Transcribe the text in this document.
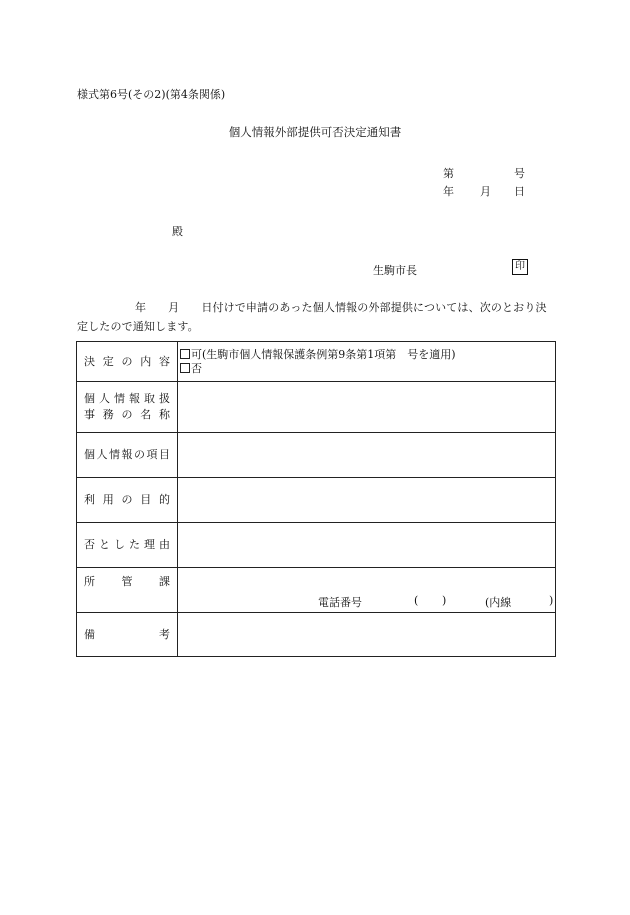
様式第6号(その2)(第4条関係)
個人情報外部提供可否決定通知書
第	号
年 月 日
殿
生駒市長	印
年 月 日付けで申請のあった個人情報の外部提供については、次のとおり決定したので通知します。
決定の内容	可(生駒市個人情報保護条例第9条第1項第　号を適用)
否

個人情報取扱
事務の名称	

個人情報の項目	

利用の目的	

否とした理由	

所管課	電話番号 ( ) (内線 )

備考	
